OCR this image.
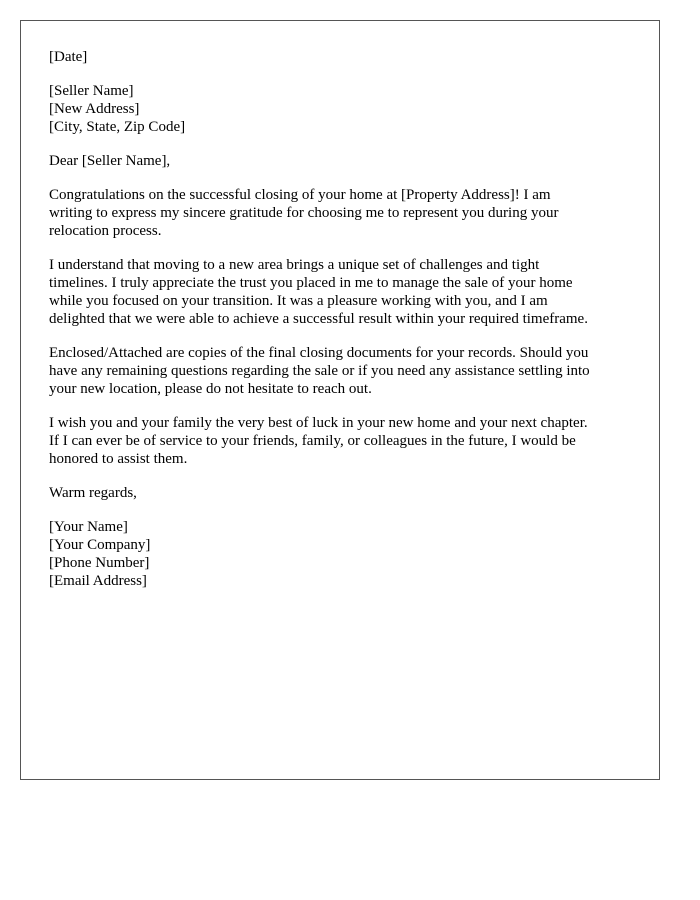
[Date]
[Seller Name]
[New Address]
[City, State, Zip Code]
Dear [Seller Name],

Congratulations on the successful closing of your home at [Property Address]! I am
writing to express my sincere gratitude for choosing me to represent you during your
relocation process.

I understand that moving to a new area brings a unique set of challenges and tight
timelines. I truly appreciate the trust you placed in me to manage the sale of your home
while you focused on your transition. It was a pleasure working with you, and I am
delighted that we were able to achieve a successful result within your required timeframe.

Enclosed/Attached are copies of the final closing documents for your records. Should you
have any remaining questions regarding the sale or if you need any assistance settling into
your new location, please do not hesitate to reach out.

I wish you and your family the very best of luck in your new home and your next chapter.
If I can ever be of service to your friends, family, or colleagues in the future, I would be
honored to assist them.

Warm regards,
[Your Name]
[Your Company]
[Phone Number]
[Email Address]
